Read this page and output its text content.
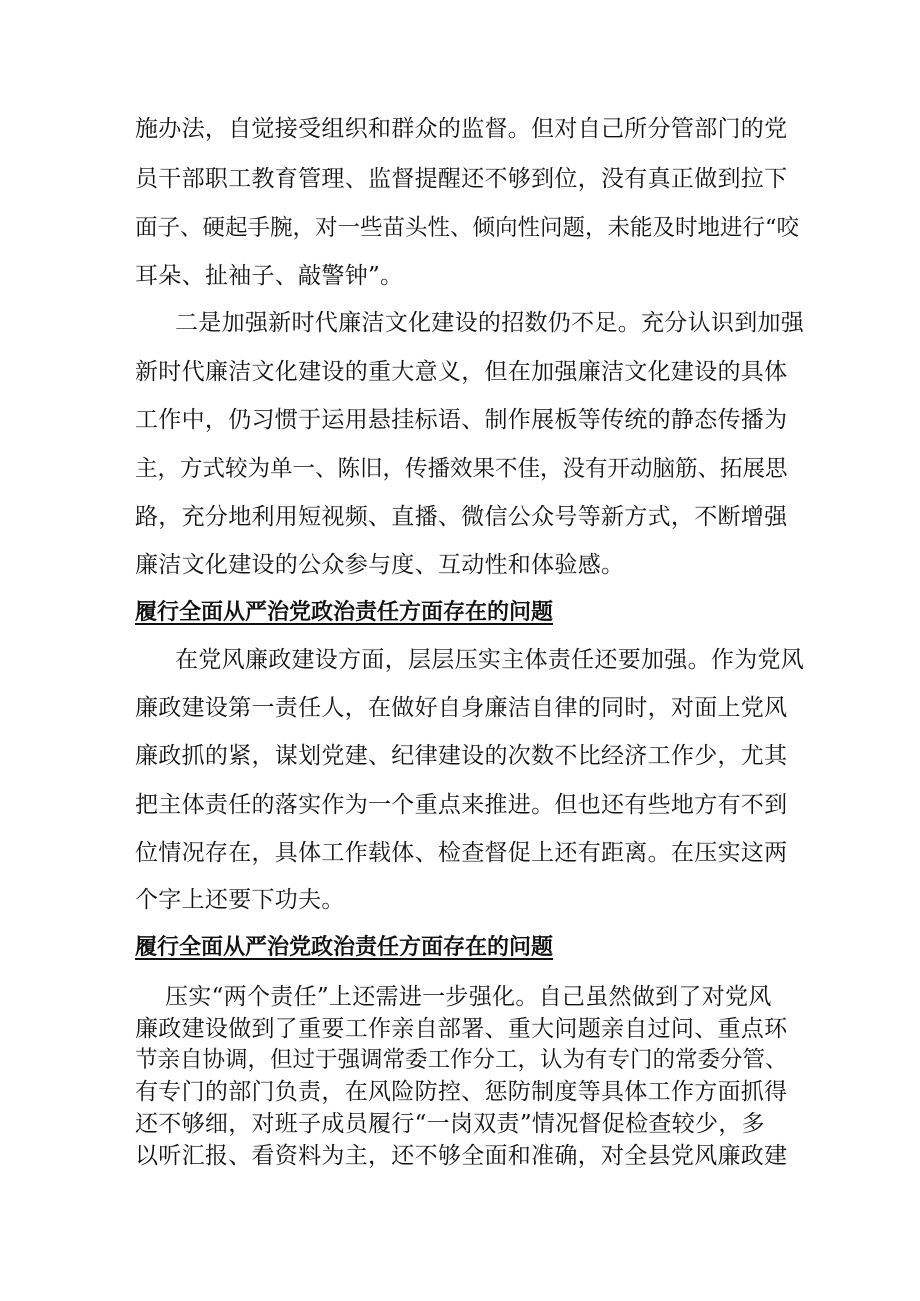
施办法，自觉接受组织和群众的监督。但对自己所分管部门的党
员干部职工教育管理、监督提醒还不够到位，没有真正做到拉下
面子、硬起手腕，对一些苗头性、倾向性问题，未能及时地进行“咬
耳朵、扯袖子、敲警钟”。
二是加强新时代廉洁文化建设的招数仍不足。充分认识到加强
新时代廉洁文化建设的重大意义，但在加强廉洁文化建设的具体
工作中，仍习惯于运用悬挂标语、制作展板等传统的静态传播为
主，方式较为单一、陈旧，传播效果不佳，没有开动脑筋、拓展思
路，充分地利用短视频、直播、微信公众号等新方式，不断增强
廉洁文化建设的公众参与度、互动性和体验感。
履行全面从严治党政治责任方面存在的问题
在党风廉政建设方面，层层压实主体责任还要加强。作为党风
廉政建设第一责任人，在做好自身廉洁自律的同时，对面上党风
廉政抓的紧，谋划党建、纪律建设的次数不比经济工作少，尤其
把主体责任的落实作为一个重点来推进。但也还有些地方有不到
位情况存在，具体工作载体、检查督促上还有距离。在压实这两
个字上还要下功夫。
履行全面从严治党政治责任方面存在的问题
压实“两个责任”上还需进一步强化。自己虽然做到了对党风
廉政建设做到了重要工作亲自部署、重大问题亲自过问、重点环
节亲自协调，但过于强调常委工作分工，认为有专门的常委分管、
有专门的部门负责，在风险防控、惩防制度等具体工作方面抓得
还不够细，对班子成员履行“一岗双责”情况督促检查较少，多
以听汇报、看资料为主，还不够全面和准确，对全县党风廉政建
